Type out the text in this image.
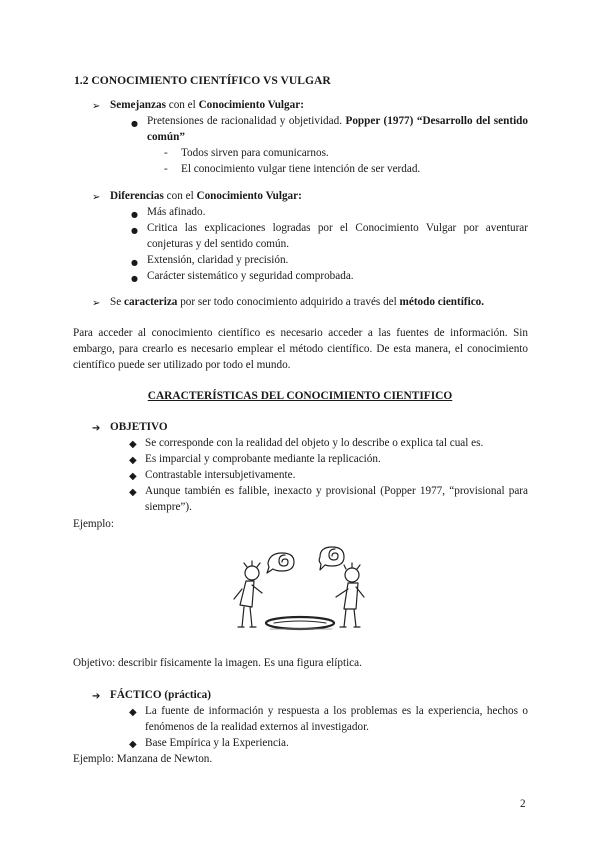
1.2 CONOCIMIENTO CIENTÍFICO VS VULGAR
➢ Semejanzas con el Conocimiento Vulgar:
● Pretensiones de racionalidad y objetividad. Popper (1977) “Desarrollo del sentido común”
- Todos sirven para comunicarnos.
- El conocimiento vulgar tiene intención de ser verdad.
➢ Diferencias con el Conocimiento Vulgar:
● Más afinado.
● Critica las explicaciones logradas por el Conocimiento Vulgar por aventurar conjeturas y del sentido común.
● Extensión, claridad y precisión.
● Carácter sistemático y seguridad comprobada.
➢ Se caracteriza por ser todo conocimiento adquirido a través del método científico.
Para acceder al conocimiento científico es necesario acceder a las fuentes de información. Sin embargo, para crearlo es necesario emplear el método científico. De esta manera, el conocimiento científico puede ser utilizado por todo el mundo.
CARACTERÍSTICAS DEL CONOCIMIENTO CIENTIFICO
➔ OBJETIVO
◆ Se corresponde con la realidad del objeto y lo describe o explica tal cual es.
◆ Es imparcial y comprobante mediante la replicación.
◆ Contrastable intersubjetivamente.
◆ Aunque también es falible, inexacto y provisional (Popper 1977, “provisional para siempre”).
Ejemplo:
Objetivo: describir físicamente la imagen. Es una figura elíptica.
➔ FÁCTICO (práctica)
◆ La fuente de información y respuesta a los problemas es la experiencia, hechos o fenómenos de la realidad externos al investigador.
◆ Base Empírica y la Experiencia.
Ejemplo: Manzana de Newton.
2
